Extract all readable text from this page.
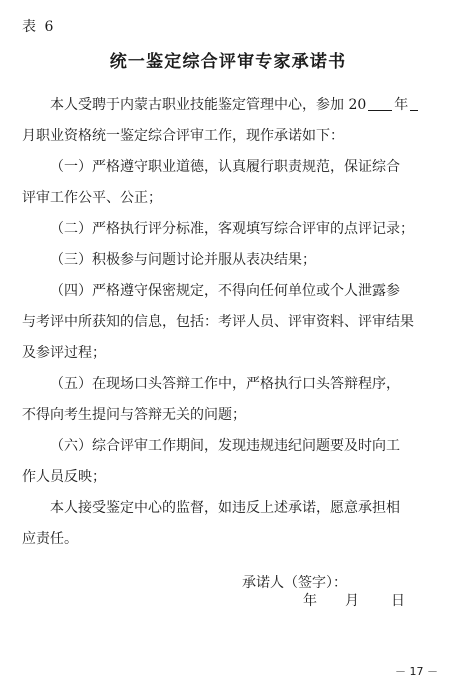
表 6
统一鉴定综合评审专家承诺书
本人受聘于内蒙古职业技能鉴定管理中心，参加 20 年
月职业资格统一鉴定综合评审工作，现作承诺如下：
（一）严格遵守职业道德，认真履行职责规范，保证综合
评审工作公平、公正；
（二）严格执行评分标准，客观填写综合评审的点评记录；
（三）积极参与问题讨论并服从表决结果；
（四）严格遵守保密规定，不得向任何单位或个人泄露参
与考评中所获知的信息，包括：考评人员、评审资料、评审结果
及参评过程；
（五）在现场口头答辩工作中，严格执行口头答辩程序，
不得向考生提问与答辩无关的问题；
（六）综合评审工作期间，发现违规违纪问题要及时向工
作人员反映；
本人接受鉴定中心的监督，如违反上述承诺，愿意承担相
应责任。
承诺人（签字）：
年 月 日
－ 17 －
